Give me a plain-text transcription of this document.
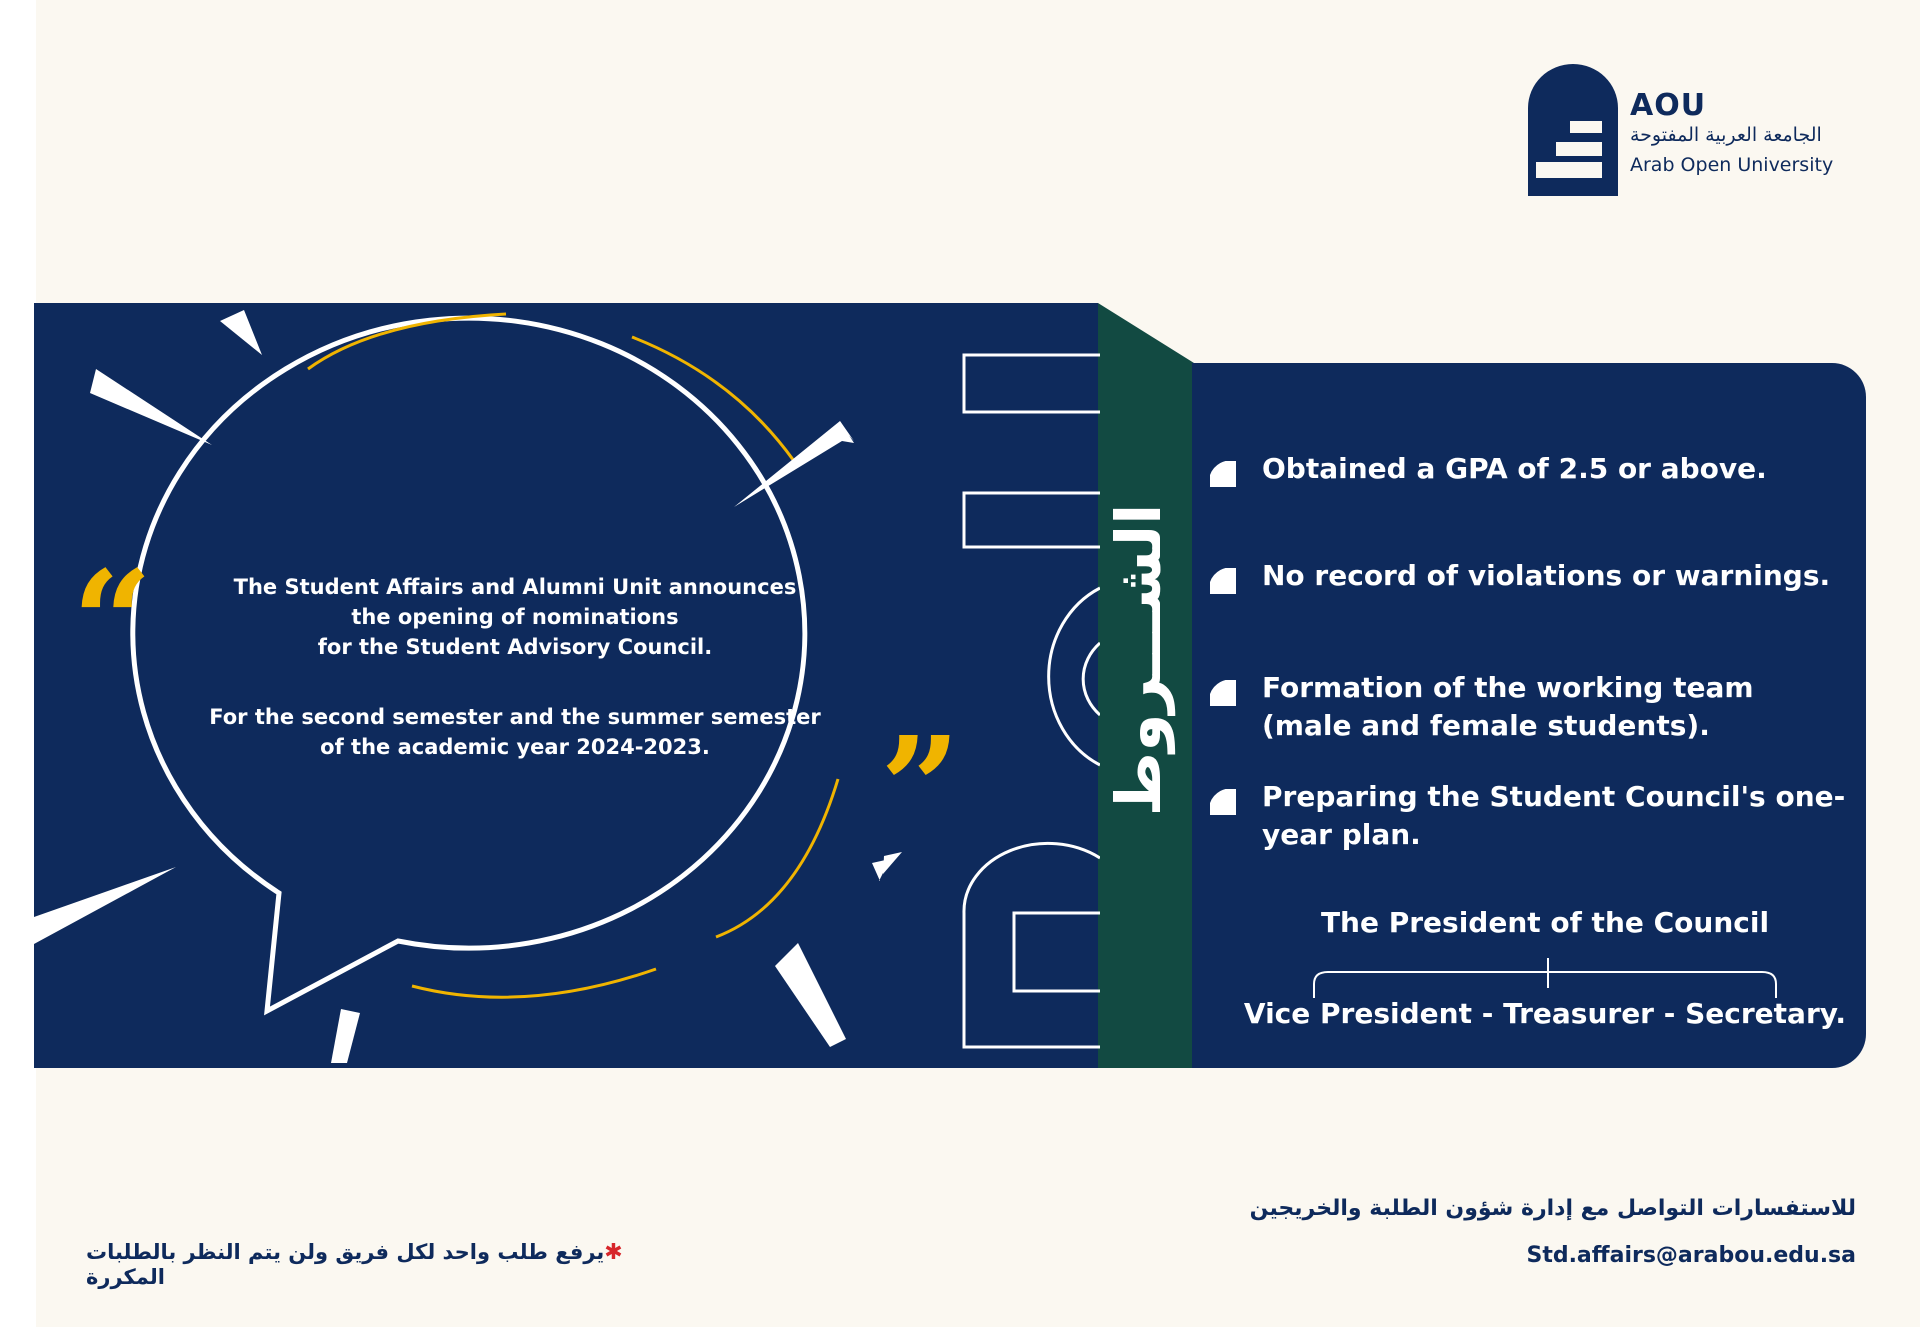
AOU
الجامعة العربية المفتوحة
Arab Open University
“
”
The Student Affairs and Alumni Unit announces
the opening of nominations
for the Student Advisory Council.
For the second semester and the summer semester
of the academic year 2024-2023.	الشـــروط
Obtained a GPA of 2.5 or above.
No record of violations or warnings.
Formation of the working team (male and female students).
Preparing the Student Council's one-year plan.
The President of the Council
Vice President - Treasurer - Secretary.
للاستفسارات التواصل مع إدارة شؤون الطلبة والخريجين
Std.affairs@arabou.edu.sa
✱يرفع طلب واحد لكل فريق ولن يتم النظر بالطلبات المكررة
